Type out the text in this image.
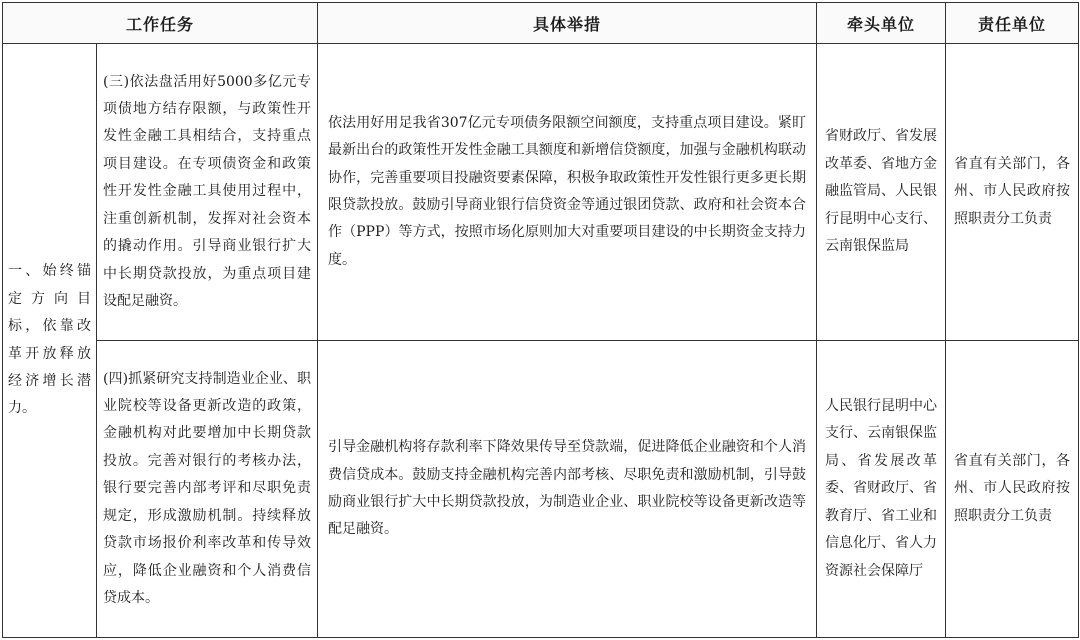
工作任务		具体举措	牵头单位	责任单位
一、始终锚定方向目标，依靠改革开放释放经济增长潜力。	(三)依法盘活用好5000多亿元专项债地方结存限额，与政策性开发性金融工具相结合，支持重点项目建设。在专项债资金和政策性开发性金融工具使用过程中，注重创新机制，发挥对社会资本的撬动作用。引导商业银行扩大中长期贷款投放，为重点项目建设配足融资。	依法用好用足我省307亿元专项债务限额空间额度，支持重点项目建设。紧盯最新出台的政策性开发性金融工具额度和新增信贷额度，加强与金融机构联动协作，完善重要项目投融资要素保障，积极争取政策性开发性银行更多更长期限贷款投放。鼓励引导商业银行信贷资金等通过银团贷款、政府和社会资本合作（PPP）等方式，按照市场化原则加大对重要项目建设的中长期资金支持力度。	省财政厅、省发展改革委、省地方金融监管局、人民银行昆明中心支行、云南银保监局	省直有关部门，各州、市人民政府按照职责分工负责
	(四)抓紧研究支持制造业企业、职业院校等设备更新改造的政策，金融机构对此要增加中长期贷款投放。完善对银行的考核办法，银行要完善内部考评和尽职免责规定，形成激励机制。持续释放贷款市场报价利率改革和传导效应，降低企业融资和个人消费信贷成本。	引导金融机构将存款利率下降效果传导至贷款端，促进降低企业融资和个人消费信贷成本。鼓励支持金融机构完善内部考核、尽职免责和激励机制，引导鼓励商业银行扩大中长期贷款投放，为制造业企业、职业院校等设备更新改造等配足融资。	人民银行昆明中心支行、云南银保监局、省发展改革委、省财政厅、省教育厅、省工业和信息化厅、省人力资源社会保障厅	省直有关部门，各州、市人民政府按照职责分工负责
